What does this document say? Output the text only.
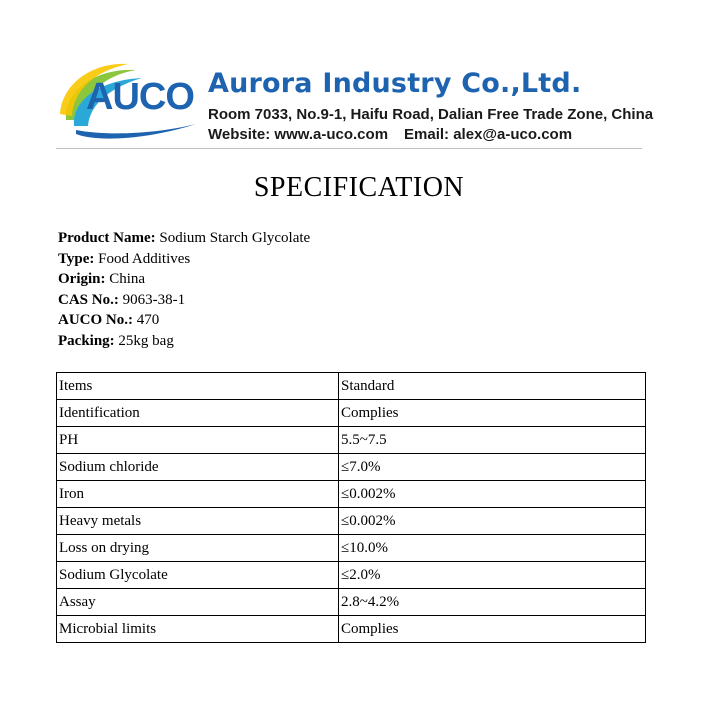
AUCO Aurora Industry Co.,Ltd.
Room 7033, No.9-1, Haifu Road, Dalian Free Trade Zone, China
Website: www.a-uco.com Email: alex@a-uco.com
SPECIFICATION
Product Name: Sodium Starch Glycolate
Type: Food Additives
Origin: China
CAS No.: 9063-38-1
AUCO No.: 470
Packing: 25kg bag
Items	Standard
Identification	Complies
PH	5.5~7.5
Sodium chloride	≤7.0%
Iron	≤0.002%
Heavy metals	≤0.002%
Loss on drying	≤10.0%
Sodium Glycolate	≤2.0%
Assay	2.8~4.2%
Microbial limits	Complies
